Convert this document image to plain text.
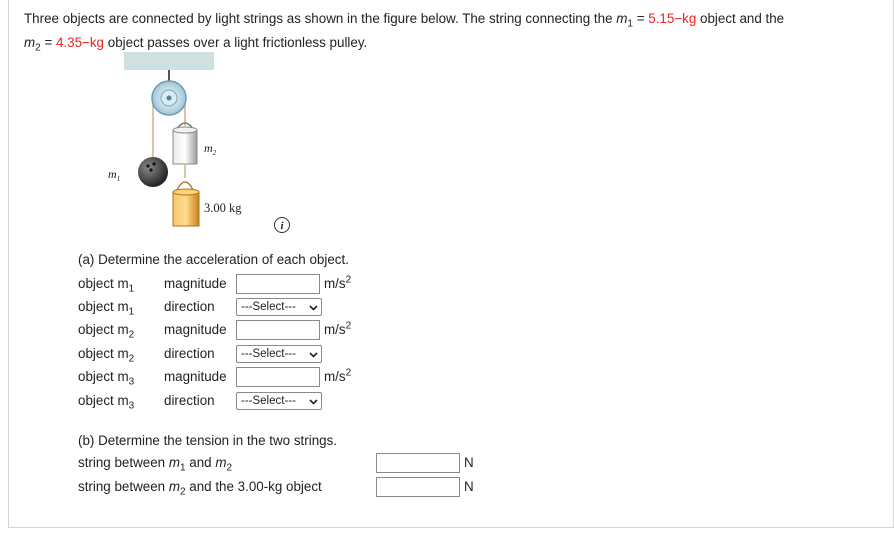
Three objects are connected by light strings as shown in the figure below. The string connecting the $m_1 = 5.15-kg$ object and the
$m_2 = 4.35-kg$ object passes over a light frictionless pulley.
$m_1$
$m_2$
3.00 kg
i
(a) Determine the acceleration of each object.
object $m_1$	magnitude	$m/s^2$
object $m_1$	direction	---Select---
object $m_2$	magnitude	$m/s^2$
object $m_2$	direction	---Select---
object $m_3$	magnitude	$m/s^2$
object $m_3$	direction	---Select---
(b) Determine the tension in the two strings.
string between $m_1$ and $m_2$	N
string between $m_2$ and the 3.00-kg object	N
